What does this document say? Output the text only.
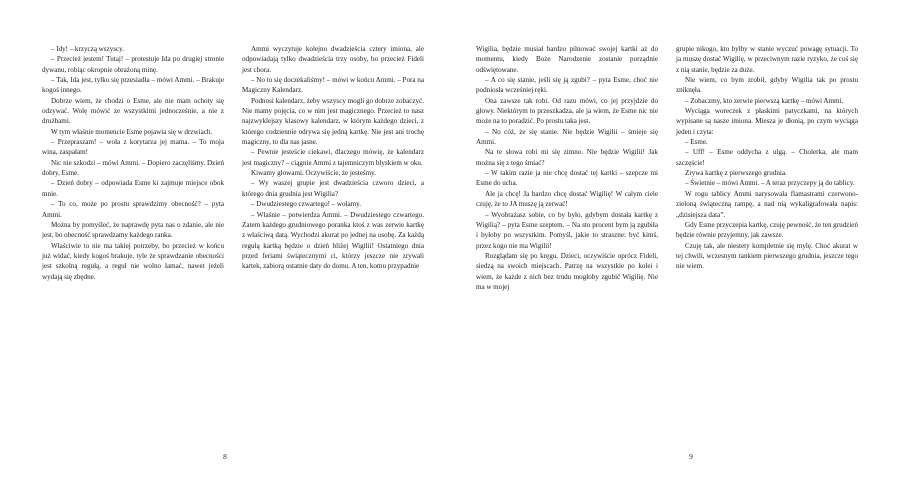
– Idy! – krzyczą wszyscy.

– Przecież jestem! Tutaj! – protestuje Ida po drugiej stronie dywanu, robiąc okropnie obrażoną minę.

– Tak, Ida jest, tylko się przesiadła – mówi Ammi. – Brakuje kogoś innego.

Dobrze wiem, że chodzi o Esme, ale nie mam ochoty się odzywać. Wolę mówić ze wszystkimi jednocześnie, a nie z drużbami.

W tym właśnie momencie Esme pojawia się w drzwiach.

– Przepraszam! – woła z korytarza jej mama. – To moja wina, zaspałam!

Nic nie szkodzi – mówi Ammi. – Dopiero zaczęliśmy. Dzień dobry, Esme.

– Dzień dobry – odpowiada Esme ki zajmuje miejsce obok mnie.

– To co, może po prostu sprawdzimy obecność? – pyta Ammi.

Można by pomyśleć, że naprawdę pyta nas o zdanie, ale nie jest, bo obecność sprawdzamy każdego ranka.

Właściwie to nie ma takiej potrzeby, bo przecież w końcu już widać, kiedy kogoś brakuje, tyle że sprawdzanie obecności jest szkolną regułą, a reguł nie wolno łamać, nawet jeżeli wydają się zbędne.

Ammi wyczytuje kolejno dwadzieścia cztery imiona, ale odpowiadają tylko dwadzieścia trzy osoby, bo przecież Fideli jest chora.

– No to się doczekaliśmy! – mówi w końcu Ammi. – Pora na Magiczny Kalendarz.

Podnosi kalendarz, żeby wszyscy mogli go dobrze zobaczyć. Nie mamy pojęcia, co w nim jest magicznego. Przecież to nasz najzwyklejszy klasowy kalendarz, w którym każdego dzieci, z którego codziennie odrywa się jedną kartkę. Nie jest ani trochę magiczny, to dla nas jasne.

– Pewnie jesteście ciekawi, dlaczego mówię, że kalendarz jest magiczny? – ciągnie Ammi z tajemniczym blyskiem w oku.

Kiwamy głowami. Oczywiście, że jesteśmy.

– Wy waszej grupie jest dwadzieścia czworo dzieci, a którego dnia grudnia jest Wigilia?

– Dwudziestego czwartego! – wołamy.

– Właśnie – potwierdza Ammi. – Dwudziestego czwartego. Zatem każdego grudniowego poranka ktoś z was zerwie kartkę z właściwą datą. Wychodzi akurat po jednej na osobę. Za każdą regułą kartką będzie o dzień bliżej Wigilii! Ostatniego dnia przed feriami świątecznymi ci, którzy jeszcze nie zrywali kartek, zabiorą ostatnie daty do domu. A ten, komu przypadnie

8

Wigilia, będzie musiał bardzo pilnować swojej kartki aż do momentu, kiedy Boże Narodzenie zostanie porządnie odświętowane.

– A co się stanie, jeśli się ją zgubi? – pyta Esme, choć nie podniosła wcześniej ręki.

Ona zawsze tak robi. Od razu mówi, co jej przyjdzie do głowy. Niektórym to przeszkadza, ale ja wiem, że Esme nic nie może na to poradzić. Po prostu taka jest.

– No cóż, że się stanie. Nie będzie Wigilii – śmieje się Ammi.

Na te słowa robi mi się zimno. Nie będzie Wigilii! Jak można się z tego śmiać?

– W takim razie ja nie chcę dostać tej kartki – szepcze mi Esme do ucha.

Ale ja chcę! Ja bardzo chcę dostać Wigilię! W calym ciele czuję, że to JA muszę ją zerwać!

– Wyobrażasz sobie, co by było, gdybym dostała kartkę z Wigilią? – pyta Esme szeptem. – Na sto procent bym ją zgubiła i byłoby po wszystkim. Pomyśl, jakie to straszne: być kimś, przez kogo nie ma Wigilii!

Rozglądam się po kręgu. Dzieci, oczywiście oprócz Fideli, siedzą na swoich miejscach. Patrzę na wszystkie po kolei i wiem, że każde z nich bez trudu mogłoby zgubić Wigilię. Nie ma w mojej

grupie nikogo, kto byłby w stanie wyczuć powagę sytuacji. To ja muszę dostać Wigilię, w przeciwnym razie ryzyko, że coś się z nią stanie, będzie za duże.

Nie wiem, co bym zrobił, gdyby Wigilia tak po prostu zniknęła.

– Zobaczmy, kto zerwie pierwszą kartkę – mówi Ammi.

Wyciąga woreczek z płaskimi patyczkami, na których wypisane są nasze imiona. Miesza je dłonią, po czym wyciąga jeden i czyta:

– Esme.

– Uff! – Esme oddycha z ulgą. – Cholerka, ale mam szczęście!

Zrywa kartkę z pierwszego grudnia.

– Świetnie – mówi Ammi. – A teraz przyczepy ją do tablicy.

W rogu tablicy Ammi narysowała flamastrami czerwono-zieloną świąteczną rampę, a nad nią wykaligrafowała napis: „dzisiejsza data”.

Gdy Esme przyczepia kartkę, czuję pewność, że ten grudzień będzie równie przyjemny, jak zawsze.

Czuję tak, ale niestety kompletnie się mylę. Choć akurat w tej chwili, wczesnym rankiem pierwszego grudnia, jeszcze tego nie wiem.

9
